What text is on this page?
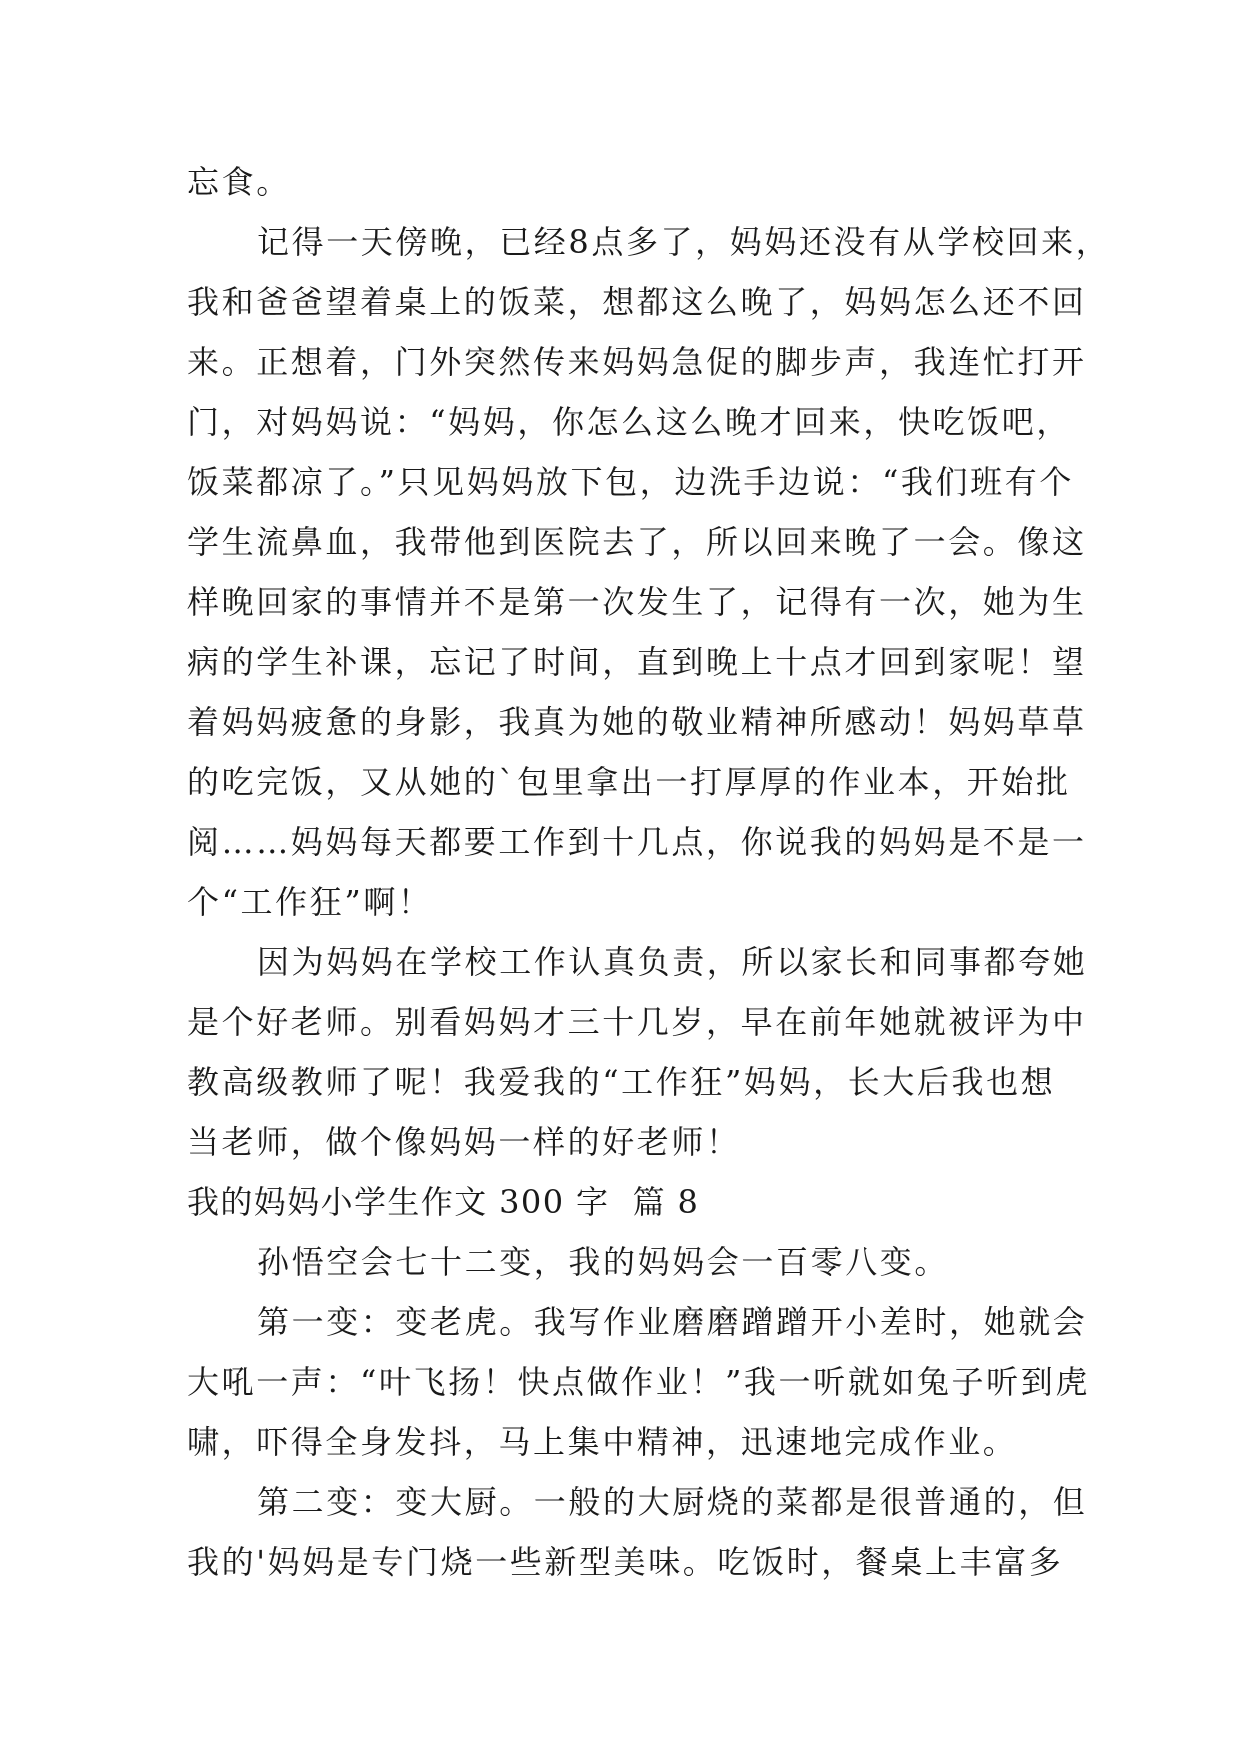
忘食。
记得一天傍晚，已经8点多了，妈妈还没有从学校回来，
我和爸爸望着桌上的饭菜，想都这么晚了，妈妈怎么还不回
来。正想着，门外突然传来妈妈急促的脚步声，我连忙打开
门，对妈妈说：“妈妈，你怎么这么晚才回来，快吃饭吧，
饭菜都凉了。”只见妈妈放下包，边洗手边说：“我们班有个
学生流鼻血，我带他到医院去了，所以回来晚了一会。像这
样晚回家的事情并不是第一次发生了，记得有一次，她为生
病的学生补课，忘记了时间，直到晚上十点才回到家呢！望
着妈妈疲惫的身影，我真为她的敬业精神所感动！妈妈草草
的吃完饭，又从她的`包里拿出一打厚厚的作业本，开始批
阅……妈妈每天都要工作到十几点，你说我的妈妈是不是一
个“工作狂”啊！
因为妈妈在学校工作认真负责，所以家长和同事都夸她
是个好老师。别看妈妈才三十几岁，早在前年她就被评为中
教高级教师了呢！我爱我的“工作狂”妈妈，长大后我也想
当老师，做个像妈妈一样的好老师！
我的妈妈小学生作文 300 字  篇 8
孙悟空会七十二变，我的妈妈会一百零八变。
第一变：变老虎。我写作业磨磨蹭蹭开小差时，她就会
大吼一声：“叶飞扬！快点做作业！”我一听就如兔子听到虎
啸，吓得全身发抖，马上集中精神，迅速地完成作业。
第二变：变大厨。一般的大厨烧的菜都是很普通的，但
我的'妈妈是专门烧一些新型美味。吃饭时，餐桌上丰富多
